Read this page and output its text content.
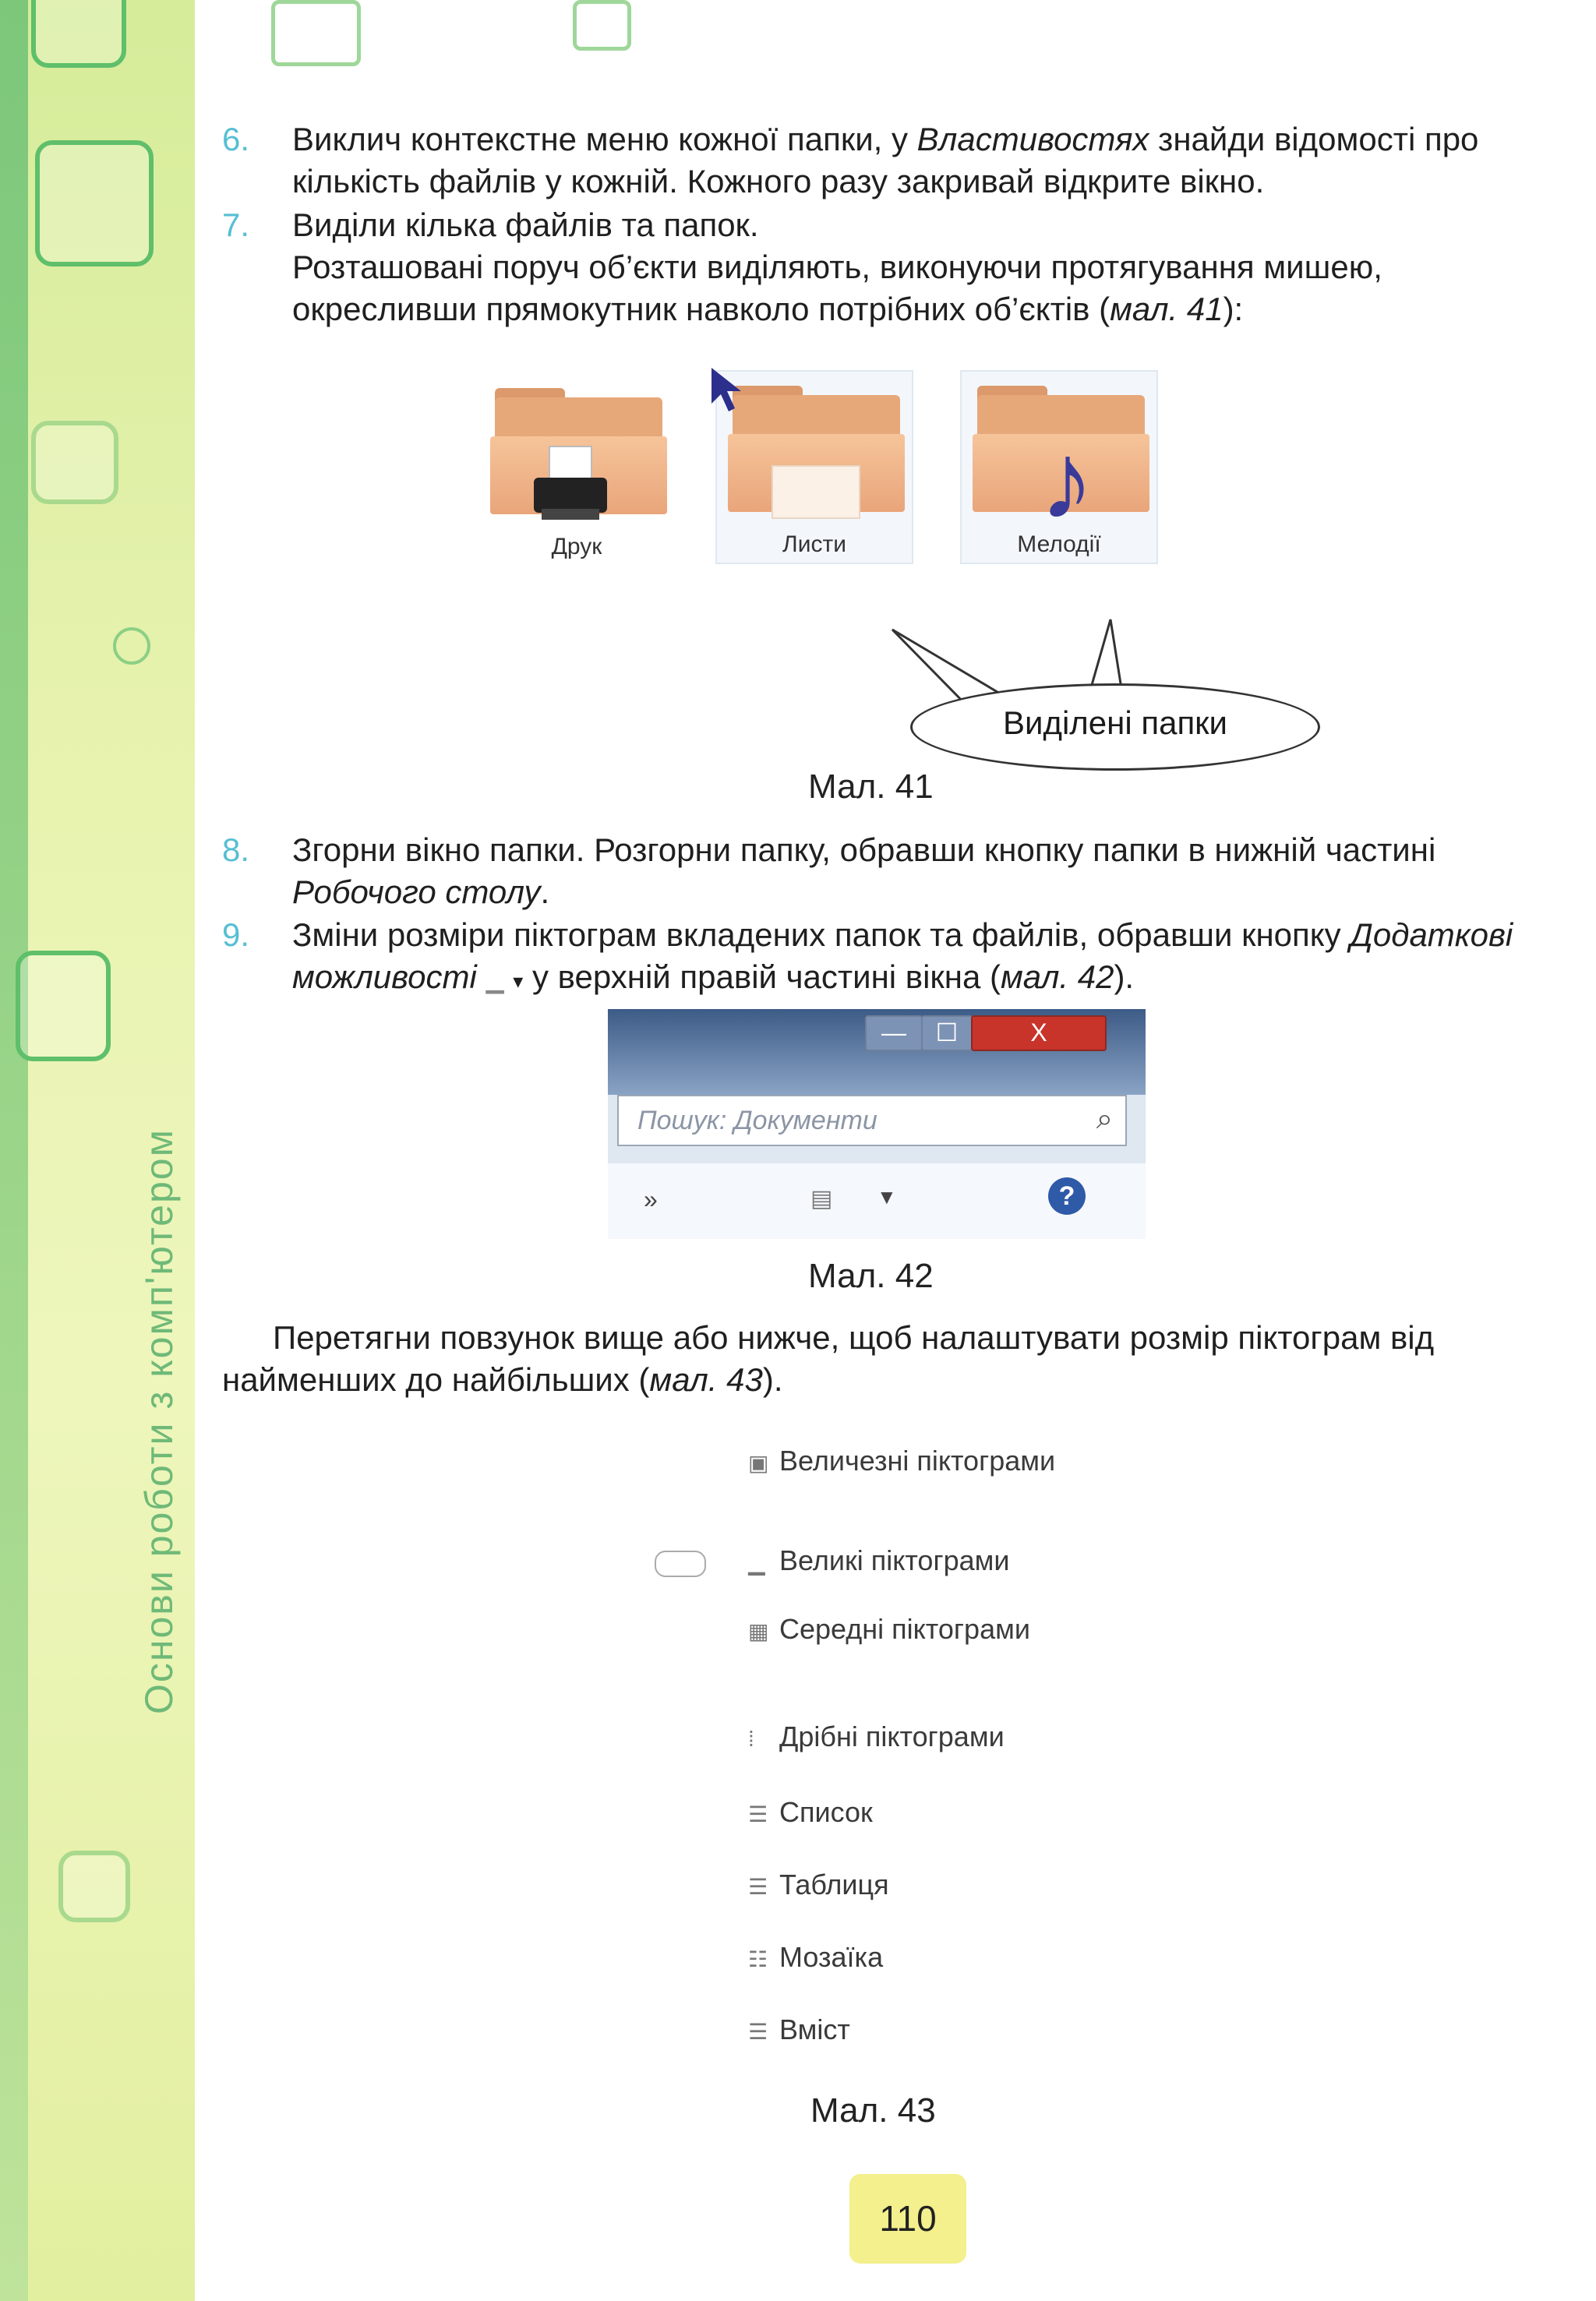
Основи роботи з комп'ютером
6.	Виклич контекстне меню кожної папки, у Властивостях знайди відомості про кількість файлів у кожній. Кожного разу закривай відкрите вікно.
7.	Виділи кілька файлів та папок.
Розташовані поруч об’єкти виділяють, виконуючи протягування мишею, окресливши прямокутник навколо потрібних об’єктів (мал. 41):
Друк	Листи
♪
Мелодії
Виділені папки
Мал. 41
8.	Згорни вікно папки. Розгорни папку, обравши кнопку папки в нижній частині Робочого столу.
9.	Зміни розміри піктограм вкладених папок та файлів, обравши кнопку Додаткові можливості ▁ ▾ у верхній правій частині вікна (мал. 42).
—	☐	X
Пошук: Документи	⌕
»	▤ ▼	?
Мал. 42
Перетягни повзунок вище або нижче, щоб налаштувати розмір піктограм від найменших до найбільших (мал. 43).
▣ Величезні піктограми
▁ Великі піктограми
▦ Середні піктограми
⁞ Дрібні піктограми
☰ Список
☰ Таблиця
☷ Мозаїка
☰ Вміст
Мал. 43
110
